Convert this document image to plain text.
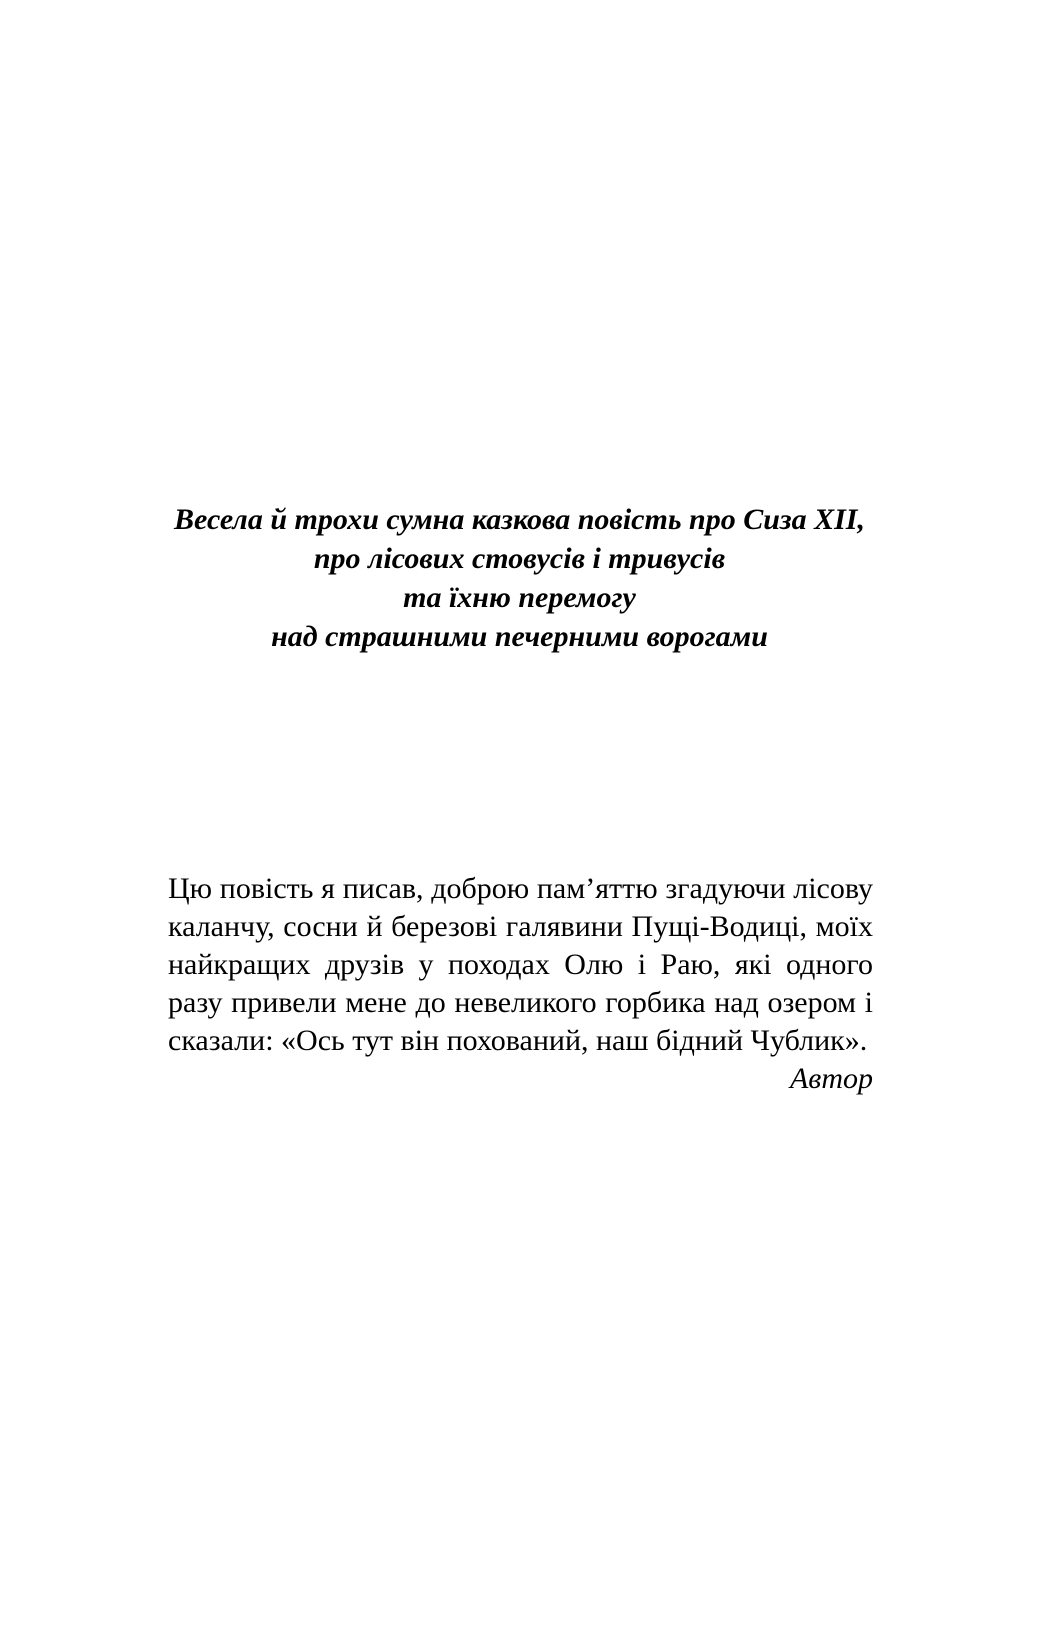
Весела й трохи сумна казкова повість про Сиза XII,
про лісових стовусів і тривусів
та їхню перемогу
над страшними печерними ворогами

Цю повість я писав, доброю пам’яттю згадуючи лісову каланчу, сосни й березові галявини Пущі-Водиці, моїх найкращих друзів у походах Олю і Раю, які одного разу привели мене до невеликого горбика над озером і сказали: «Ось тут він похований, наш бідний Чублик».

Автор
